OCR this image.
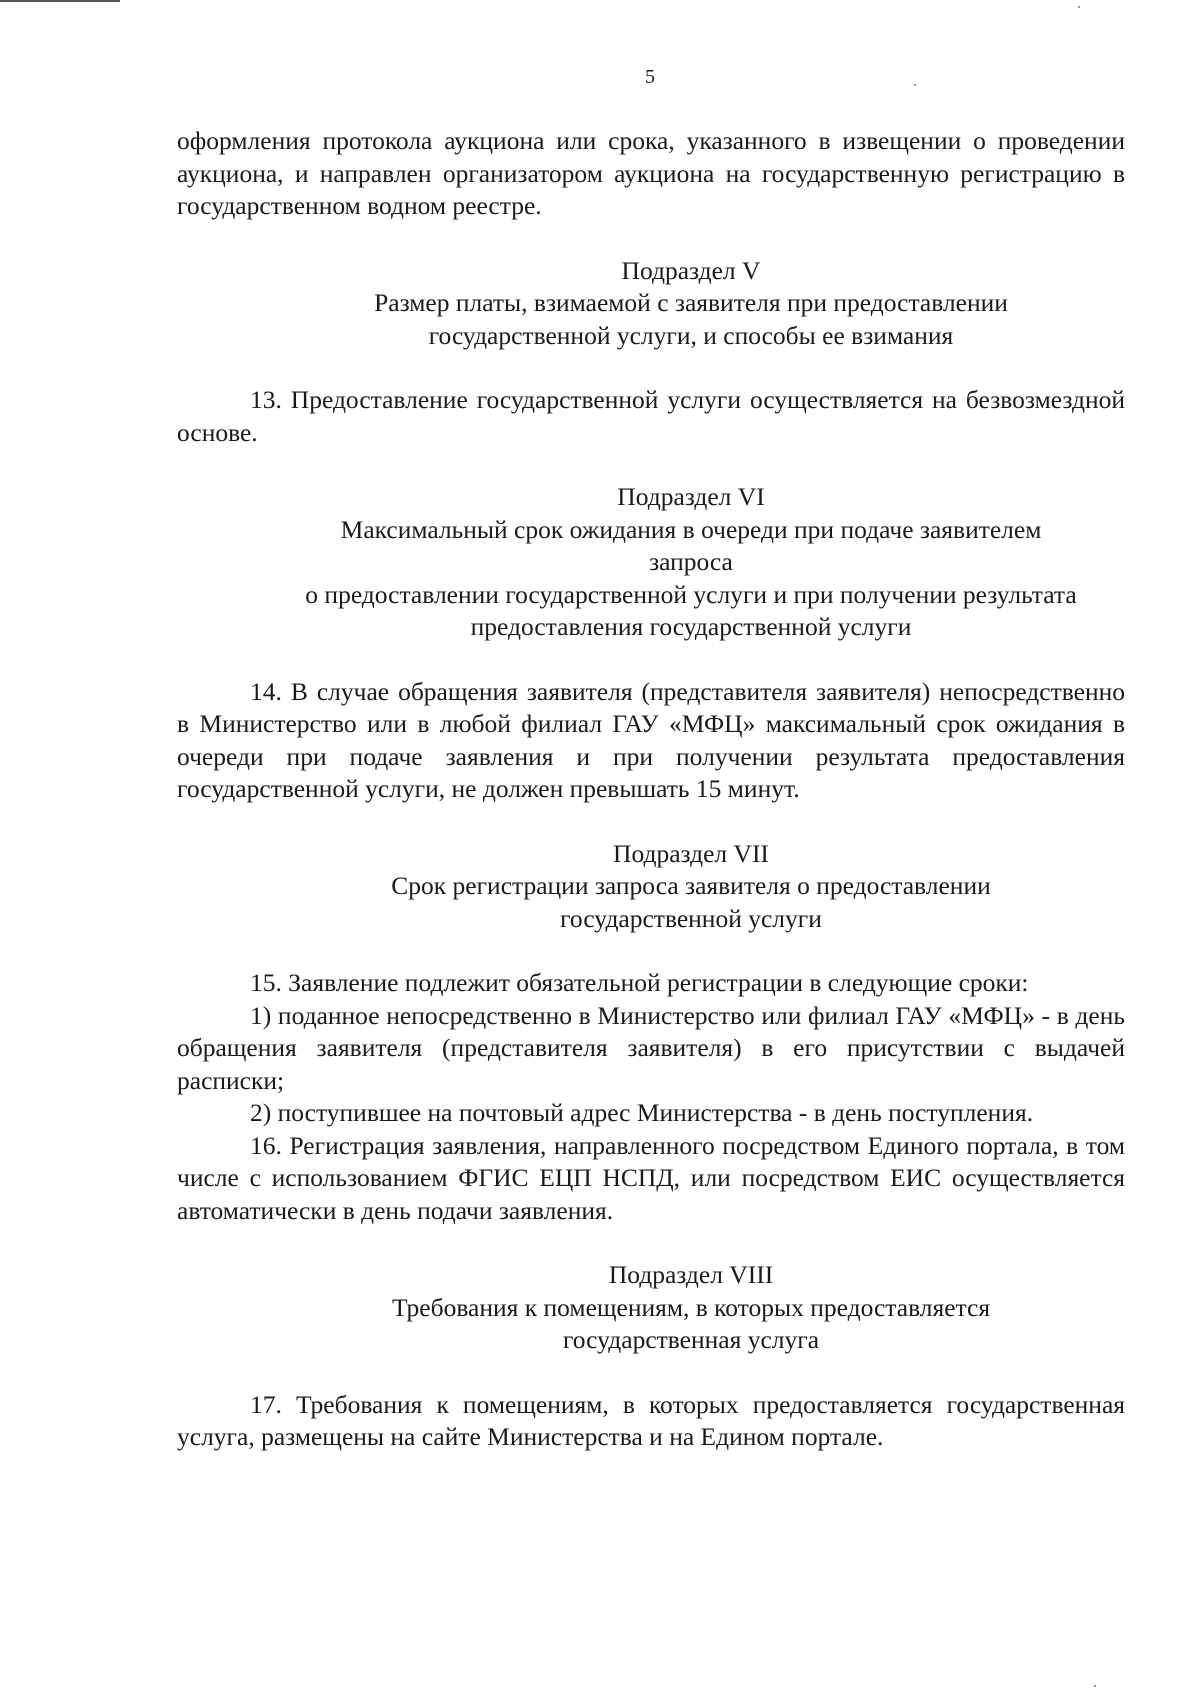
5

оформления протокола аукциона или срока, указанного в извещении о проведении аукциона, и направлен организатором аукциона на государственную регистрацию в государственном водном реестре.

Подраздел V
Размер платы, взимаемой с заявителя при предоставлении
государственной услуги, и способы ее взимания

13. Предоставление государственной услуги осуществляется на безвозмездной основе.

Подраздел VI
Максимальный срок ожидания в очереди при подаче заявителем
запроса
о предоставлении государственной услуги и при получении результата
предоставления государственной услуги

14. В случае обращения заявителя (представителя заявителя) непосредственно в Министерство или в любой филиал ГАУ «МФЦ» максимальный срок ожидания в очереди при подаче заявления и при получении результата предоставления государственной услуги, не должен превышать 15 минут.

Подраздел VII
Срок регистрации запроса заявителя о предоставлении
государственной услуги

15. Заявление подлежит обязательной регистрации в следующие сроки:

1) поданное непосредственно в Министерство или филиал ГАУ «МФЦ» - в день обращения заявителя (представителя заявителя) в его присутствии с выдачей расписки;

2) поступившее на почтовый адрес Министерства - в день поступления.

16. Регистрация заявления, направленного посредством Единого портала, в том числе с использованием ФГИС ЕЦП НСПД, или посредством ЕИС осуществляется автоматически в день подачи заявления.

Подраздел VIII
Требования к помещениям, в которых предоставляется
государственная услуга

17. Требования к помещениям, в которых предоставляется государственная услуга, размещены на сайте Министерства и на Едином портале.
